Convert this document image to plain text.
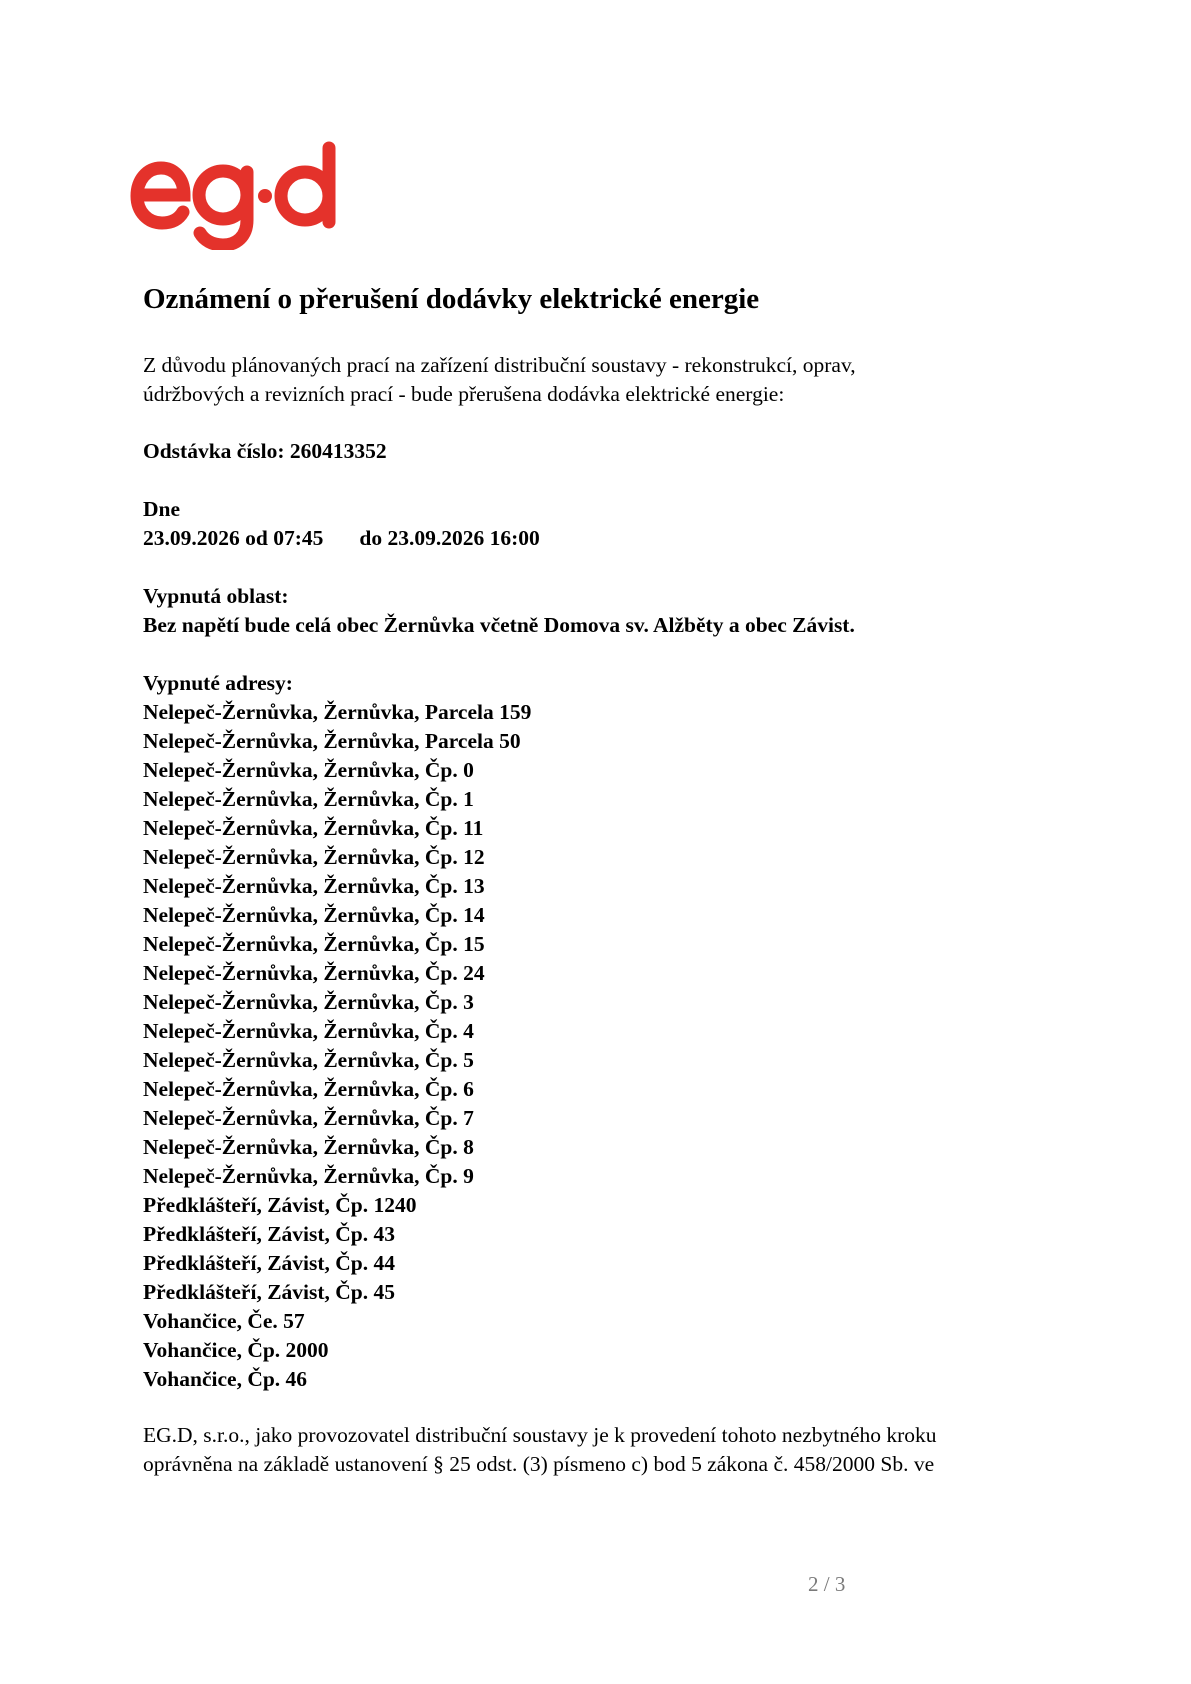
Oznámení o přerušení dodávky elektrické energie

Z důvodu plánovaných prací na zařízení distribuční soustavy - rekonstrukcí, oprav,
údržbových a revizních prací - bude přerušena dodávka elektrické energie:

Odstávka číslo: 260413352

Dne

23.09.2026 od 07:45 do 23.09.2026 16:00

Vypnutá oblast:

Bez napětí bude celá obec Žernůvka včetně Domova sv. Alžběty a obec Závist.

Vypnuté adresy:

Nelepeč-Žernůvka, Žernůvka, Parcela 159
Nelepeč-Žernůvka, Žernůvka, Parcela 50
Nelepeč-Žernůvka, Žernůvka, Čp. 0
Nelepeč-Žernůvka, Žernůvka, Čp. 1
Nelepeč-Žernůvka, Žernůvka, Čp. 11
Nelepeč-Žernůvka, Žernůvka, Čp. 12
Nelepeč-Žernůvka, Žernůvka, Čp. 13
Nelepeč-Žernůvka, Žernůvka, Čp. 14
Nelepeč-Žernůvka, Žernůvka, Čp. 15
Nelepeč-Žernůvka, Žernůvka, Čp. 24
Nelepeč-Žernůvka, Žernůvka, Čp. 3
Nelepeč-Žernůvka, Žernůvka, Čp. 4
Nelepeč-Žernůvka, Žernůvka, Čp. 5
Nelepeč-Žernůvka, Žernůvka, Čp. 6
Nelepeč-Žernůvka, Žernůvka, Čp. 7
Nelepeč-Žernůvka, Žernůvka, Čp. 8
Nelepeč-Žernůvka, Žernůvka, Čp. 9
Předklášteří, Závist, Čp. 1240
Předklášteří, Závist, Čp. 43
Předklášteří, Závist, Čp. 44
Předklášteří, Závist, Čp. 45
Vohančice, Če. 57
Vohančice, Čp. 2000
Vohančice, Čp. 46

EG.D, s.r.o., jako provozovatel distribuční soustavy je k provedení tohoto nezbytného kroku
oprávněna na základě ustanovení § 25 odst. (3) písmeno c) bod 5 zákona č. 458/2000 Sb. ve

2 / 3
